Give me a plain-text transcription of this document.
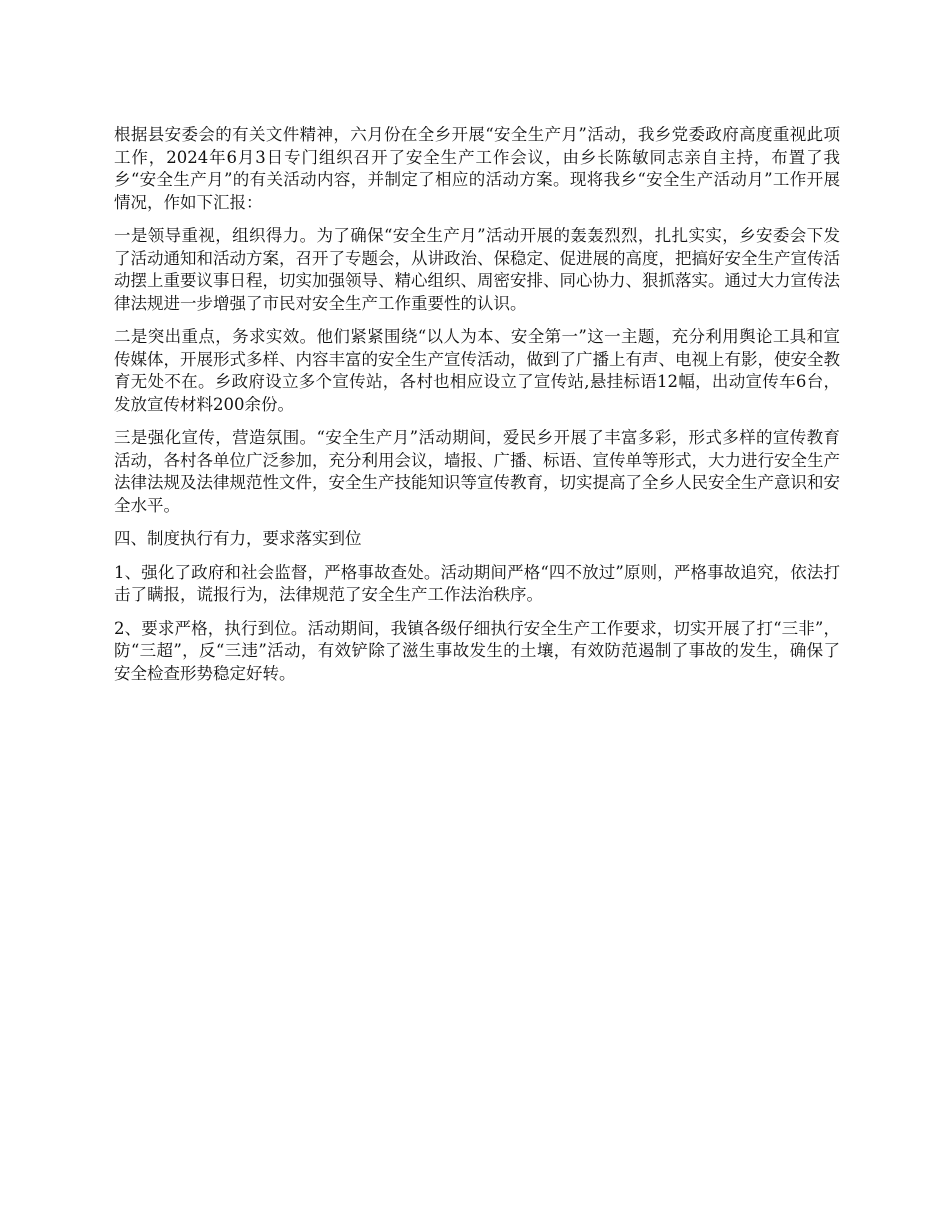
根据县安委会的有关文件精神，六月份在全乡开展“安全生产月”活动，我乡党委政府高度重视此项工作，2024年6月3日专门组织召开了安全生产工作会议，由乡长陈敏同志亲自主持，布置了我乡“安全生产月”的有关活动内容，并制定了相应的活动方案。现将我乡“安全生产活动月”工作开展情况，作如下汇报：

一是领导重视，组织得力。为了确保“安全生产月”活动开展的轰轰烈烈，扎扎实实，乡安委会下发了活动通知和活动方案，召开了专题会，从讲政治、保稳定、促进展的高度，把搞好安全生产宣传活动摆上重要议事日程，切实加强领导、精心组织、周密安排、同心协力、狠抓落实。通过大力宣传法律法规进一步增强了市民对安全生产工作重要性的认识。

二是突出重点，务求实效。他们紧紧围绕“以人为本、安全第一”这一主题，充分利用舆论工具和宣传媒体，开展形式多样、内容丰富的安全生产宣传活动，做到了广播上有声、电视上有影，使安全教育无处不在。乡政府设立多个宣传站，各村也相应设立了宣传站,悬挂标语12幅，出动宣传车6台，发放宣传材料200余份。

三是强化宣传，营造氛围。“安全生产月”活动期间，爱民乡开展了丰富多彩，形式多样的宣传教育活动，各村各单位广泛参加，充分利用会议，墙报、广播、标语、宣传单等形式，大力进行安全生产法律法规及法律规范性文件，安全生产技能知识等宣传教育，切实提高了全乡人民安全生产意识和安全水平。

四、制度执行有力，要求落实到位

1、强化了政府和社会监督，严格事故查处。活动期间严格“四不放过”原则，严格事故追究，依法打击了瞒报，谎报行为，法律规范了安全生产工作法治秩序。

2、要求严格，执行到位。活动期间，我镇各级仔细执行安全生产工作要求，切实开展了打“三非”，防“三超”，反“三违”活动，有效铲除了滋生事故发生的土壤，有效防范遏制了事故的发生，确保了安全检查形势稳定好转。
